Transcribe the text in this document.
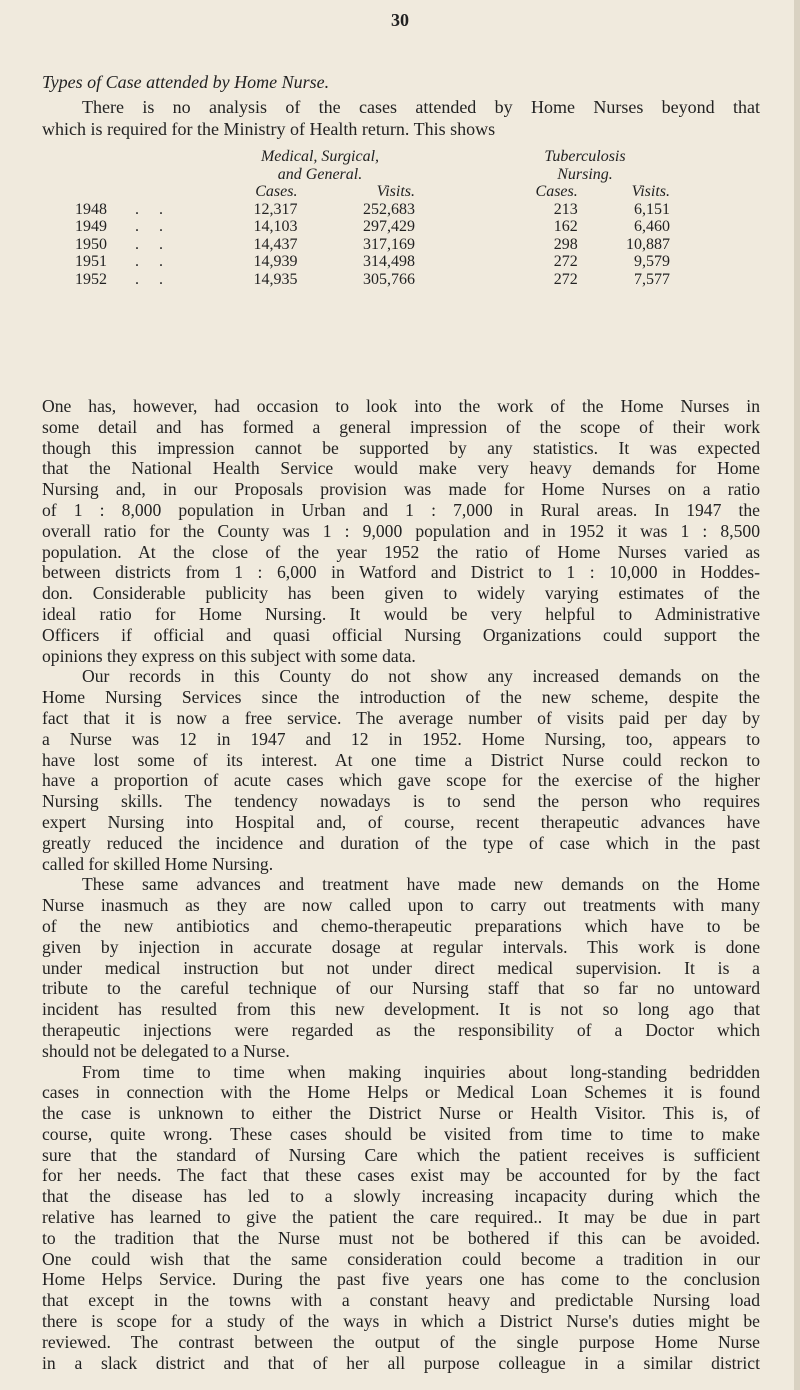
30
Types of Case attended by Home Nurse.
There is no analysis of the cases attended by Home Nurses beyond that
which is required for the Ministry of Health return. This shows
	Medical, Surgical,			Tuberculosis	
	and General.			Nursing.	
	Cases.	Visits.		Cases.	Visits.
1948       .     .	12,317	252,683		213	6,151
1949       .     .	14,103	297,429		162	6,460
1950       .     .	14,437	317,169		298	10,887
1951       .     .	14,939	314,498		272	9,579
1952       .     .	14,935	305,766		272	7,577
One has, however, had occasion to look into the work of the Home Nurses in
some detail and has formed a general impression of the scope of their work
though this impression cannot be supported by any statistics. It was expected
that the National Health Service would make very heavy demands for Home
Nursing and, in our Proposals provision was made for Home Nurses on a ratio
of 1 : 8,000 population in Urban and 1 : 7,000 in Rural areas. In 1947 the
overall ratio for the County was 1 : 9,000 population and in 1952 it was 1 : 8,500
population. At the close of the year 1952 the ratio of Home Nurses varied as
between districts from 1 : 6,000 in Watford and District to 1 : 10,000 in Hoddes-
don. Considerable publicity has been given to widely varying estimates of the
ideal ratio for Home Nursing. It would be very helpful to Administrative
Officers if official and quasi official Nursing Organizations could support the
opinions they express on this subject with some data.
Our records in this County do not show any increased demands on the
Home Nursing Services since the introduction of the new scheme, despite the
fact that it is now a free service. The average number of visits paid per day by
a Nurse was 12 in 1947 and 12 in 1952. Home Nursing, too, appears to
have lost some of its interest. At one time a District Nurse could reckon to
have a proportion of acute cases which gave scope for the exercise of the higher
Nursing skills. The tendency nowadays is to send the person who requires
expert Nursing into Hospital and, of course, recent therapeutic advances have
greatly reduced the incidence and duration of the type of case which in the past
called for skilled Home Nursing.
These same advances and treatment have made new demands on the Home
Nurse inasmuch as they are now called upon to carry out treatments with many
of the new antibiotics and chemo-therapeutic preparations which have to be
given by injection in accurate dosage at regular intervals. This work is done
under medical instruction but not under direct medical supervision. It is a
tribute to the careful technique of our Nursing staff that so far no untoward
incident has resulted from this new development. It is not so long ago that
therapeutic injections were regarded as the responsibility of a Doctor which
should not be delegated to a Nurse.
From time to time when making inquiries about long-standing bedridden
cases in connection with the Home Helps or Medical Loan Schemes it is found
the case is unknown to either the District Nurse or Health Visitor. This is, of
course, quite wrong. These cases should be visited from time to time to make
sure that the standard of Nursing Care which the patient receives is sufficient
for her needs. The fact that these cases exist may be accounted for by the fact
that the disease has led to a slowly increasing incapacity during which the
relative has learned to give the patient the care required.. It may be due in part
to the tradition that the Nurse must not be bothered if this can be avoided.
One could wish that the same consideration could become a tradition in our
Home Helps Service. During the past five years one has come to the conclusion
that except in the towns with a constant heavy and predictable Nursing load
there is scope for a study of the ways in which a District Nurse's duties might be
reviewed. The contrast between the output of the single purpose Home Nurse
in a slack district and that of her all purpose colleague in a similar district
